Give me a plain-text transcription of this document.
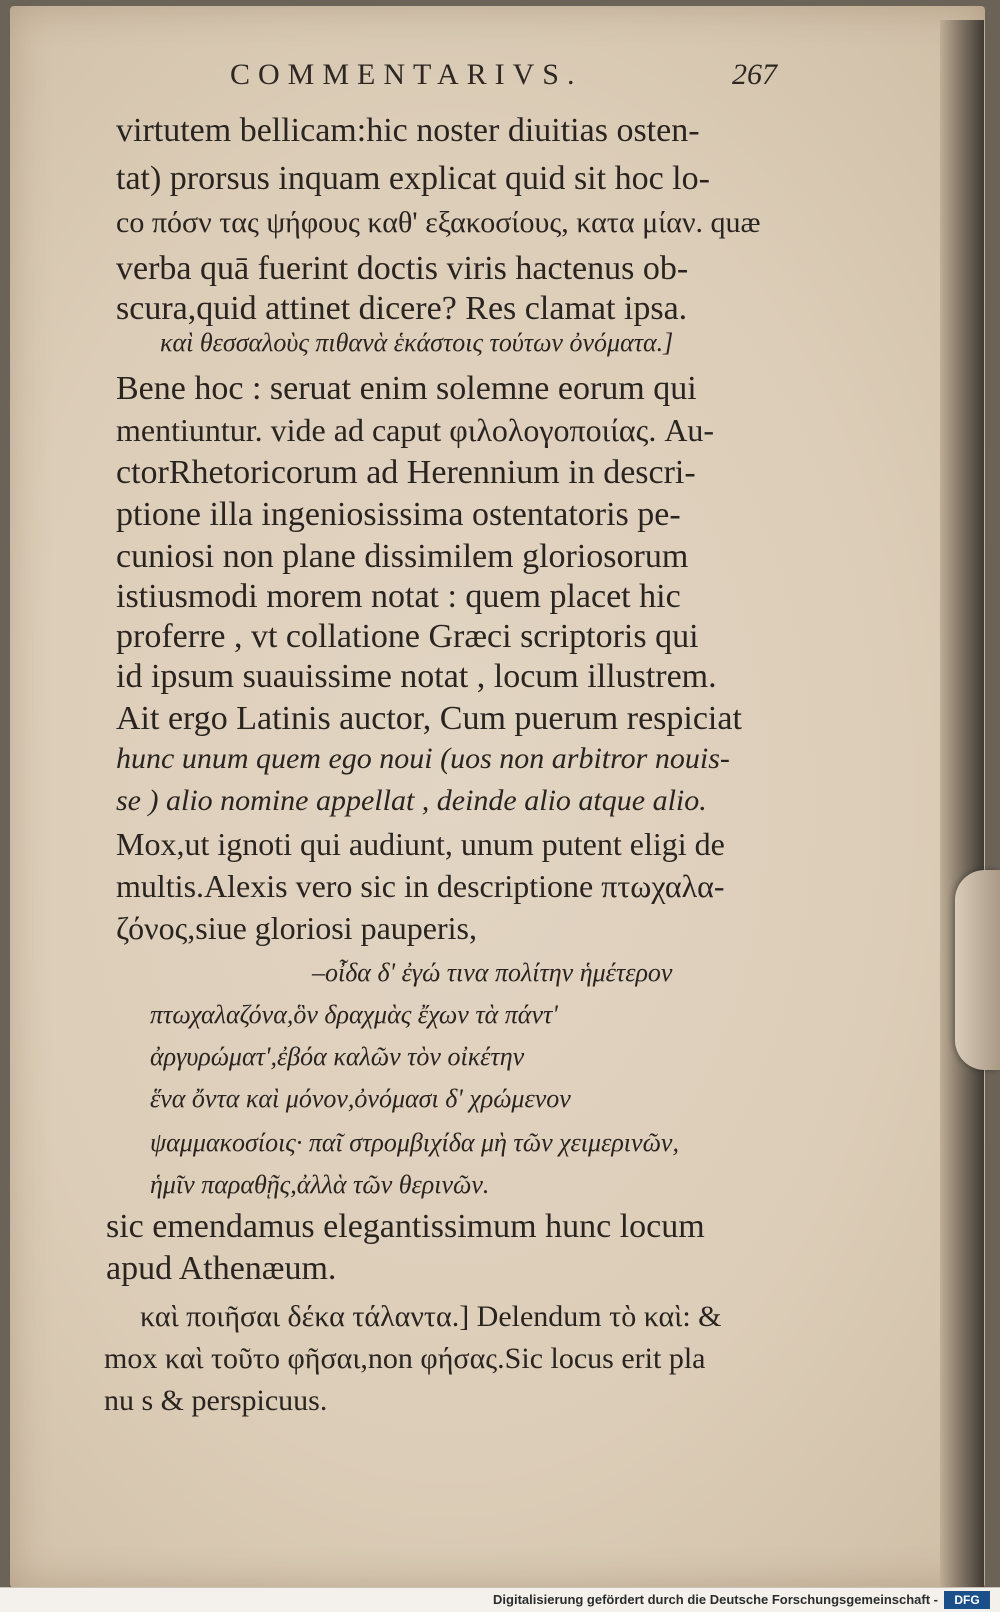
COMMENTARIVS.	267
virtutem bellicam:hic noster diuitias osten-
tat) prorsus inquam explicat quid sit hoc lo-
co πόσν τας ψήφους καθ' εξακοσίους, κατα μίαν. quæ
verba quā fuerint doctis viris hactenus ob-
scura,quid attinet dicere? Res clamat ipsa.
καὶ θεσσαλοὺς πιθανὰ ἑκάστοις τούτων ὀνόματα.]
Bene hoc : seruat enim solemne eorum qui
mentiuntur. vide ad caput φιλολογοποιίας. Au-
ctorRhetoricorum ad Herennium in descri-
ptione illa ingeniosissima ostentatoris pe-
cuniosi non plane dissimilem gloriosorum
istiusmodi morem notat : quem placet hic
proferre , vt collatione Græci scriptoris qui
id ipsum suauissime notat , locum illustrem.
Ait ergo Latinis auctor, Cum puerum respiciat
hunc unum quem ego noui (uos non arbitror nouis-
se ) alio nomine appellat , deinde alio atque alio.
Mox,ut ignoti qui audiunt, unum putent eligi de
multis.Alexis vero sic in descriptione πτωχαλα-
ζόνος,siue gloriosi pauperis,
–οἶδα δ' ἐγώ τινα πολίτην ἡμέτερον
πτωχαλαζόνα,ὃν δραχμὰς ἔχων τὰ πάντ'
ἀργυρώματ',ἐβόα καλῶν τὸν οἰκέτην
ἕνα ὄντα καὶ μόνον,ὀνόμασι δ' χρώμενον
ψαμμακοσίοις· παῖ στρομβιχίδα μὴ τῶν χειμερινῶν,
ἡμῖν παραθῇς,ἀλλὰ τῶν θερινῶν.
sic emendamus elegantissimum hunc locum
apud Athenæum.
καὶ ποιῆσαι δέκα τάλαντα.] Delendum τὸ καὶ: &
mox καὶ τοῦτο φῆσαι,non φήσας.Sic locus erit pla
nu s & perspicuus.
Digitalisierung gefördert durch die Deutsche Forschungsgemeinschaft -	DFG
